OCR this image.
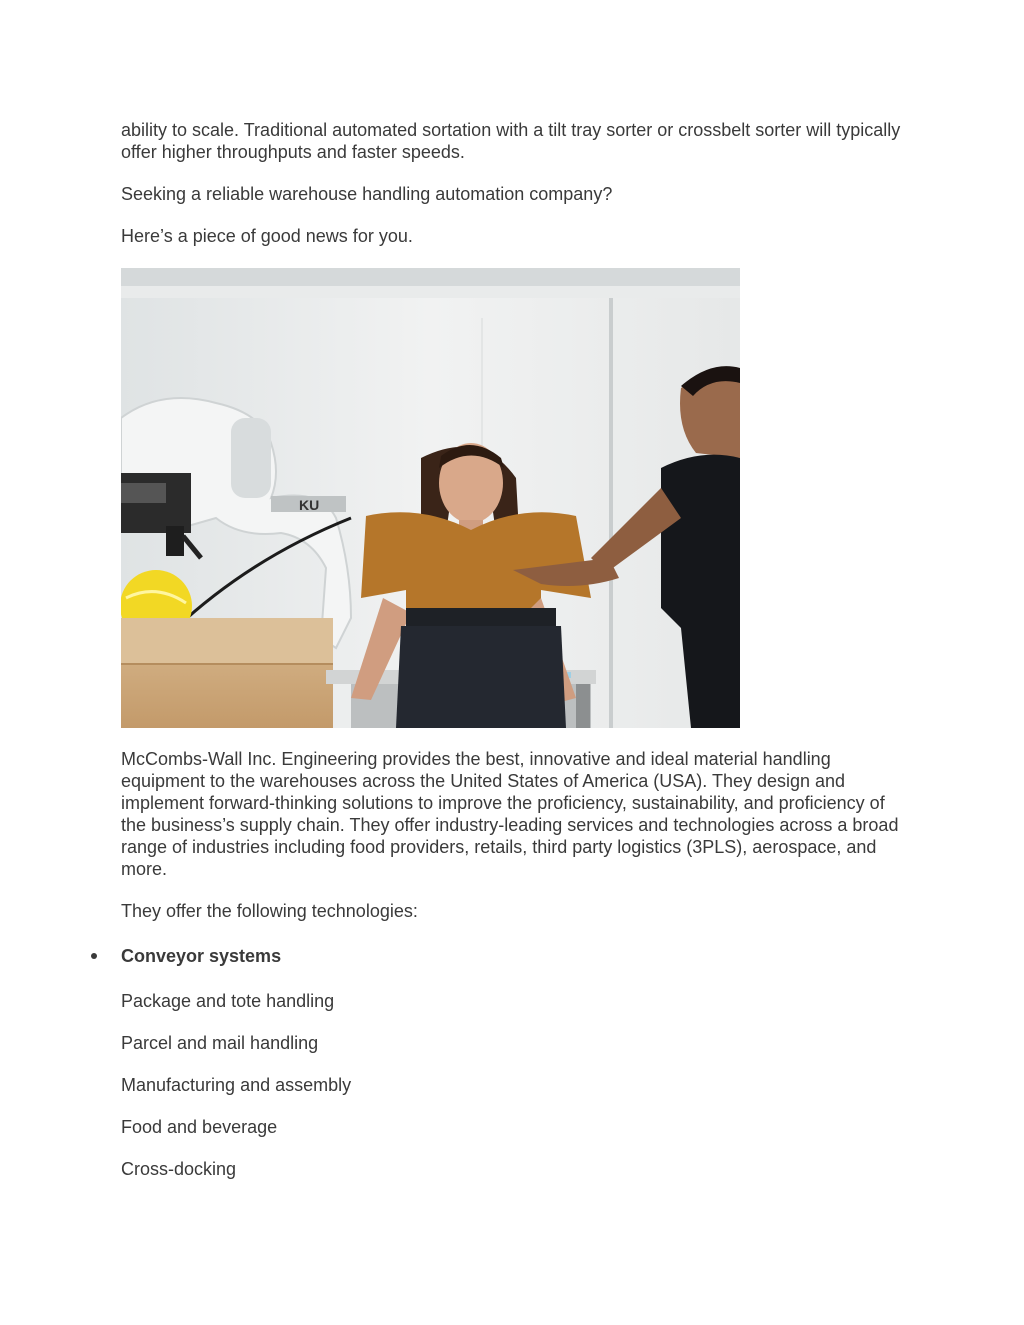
ability to scale. Traditional automated sortation with a tilt tray sorter or crossbelt sorter will typically offer higher throughputs and faster speeds.

Seeking a reliable warehouse handling automation company?

Here’s a piece of good news for you.

KU

McCombs-Wall Inc. Engineering provides the best, innovative and ideal material handling equipment to the warehouses across the United States of America (USA). They design and implement forward-thinking solutions to improve the proficiency, sustainability, and proficiency of the business’s supply chain. They offer industry-leading services and technologies across a broad range of industries including food providers, retails, third party logistics (3PLS), aerospace, and more.

They offer the following technologies:

Conveyor systems
Package and tote handling
Parcel and mail handling
Manufacturing and assembly
Food and beverage
Cross-docking
